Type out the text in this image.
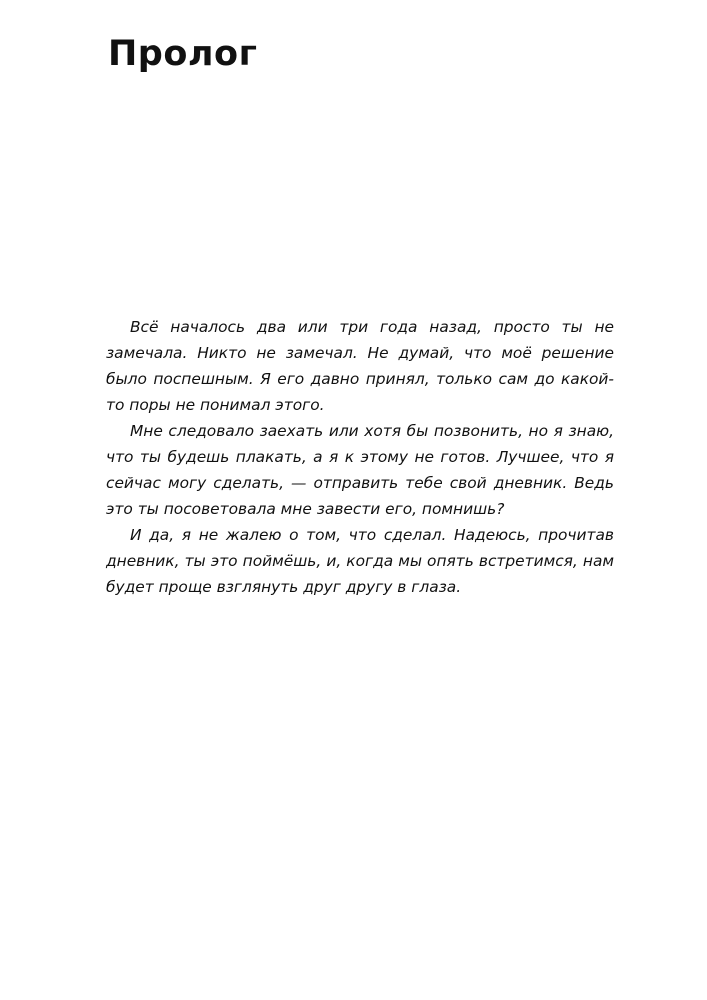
Пролог

Всё началось два или три года назад, просто ты не замечала. Никто не замечал. Не думай, что моё решение было поспешным. Я его давно принял, только сам до какой-то поры не понимал этого.

Мне следовало заехать или хотя бы позвонить, но я знаю, что ты будешь плакать, а я к этому не готов. Лучшее, что я сейчас могу сделать, — отправить тебе свой дневник. Ведь это ты посоветовала мне завести его, помнишь?

И да, я не жалею о том, что сделал. Надеюсь, прочитав дневник, ты это поймёшь, и, когда мы опять встретимся, нам будет проще взглянуть друг другу в глаза.
